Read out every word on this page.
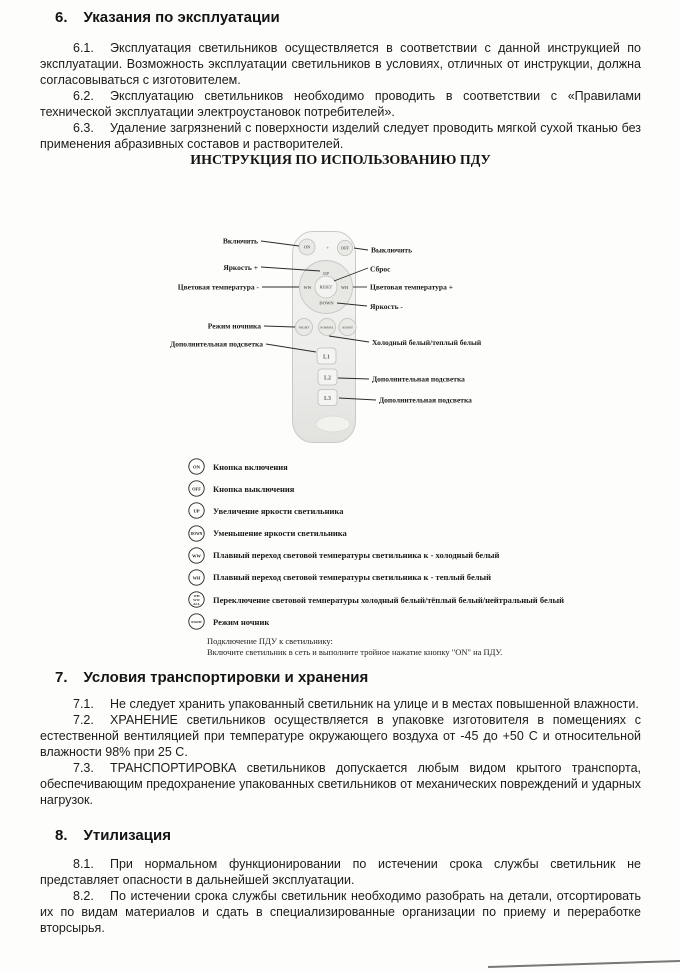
6. Указания по эксплуатации

6.1. Эксплуатация светильников осуществляется в соответствии с данной инструкцией по эксплуатации. Возможность эксплуатации светильников в условиях, отличных от инструкции, должна согласовываться с изготовителем.

6.2. Эксплуатацию светильников необходимо проводить в соответствии с «Правилами технической эксплуатации электроустановок потребителей».

6.3. Удаление загрязнений с поверхности изделий следует проводить мягкой сухой тканью без применения абразивных составов и растворителей.

ИНСТРУКЦИЯ ПО ИСПОЛЬЗОВАНИЮ ПДУ
ON	+	OFF
UP
DOWN
WW	WH
RESET
NIGHT	NORMAL	ASSIST
L1
L2
L3
Включить
Яркость +
Цветовая температура -
Режим ночника
Дополнительная подсветка
Выключить
Сброс
Цветовая температура +
Яркость -
Холодный белый/теплый белый
Дополнительная подсветка
Дополнительная подсветка
ON Кнопка включения
OFF Кнопка выключения
UP Увеличение яркости светильника
DOWN Уменьшение яркости светильника
WW Плавный переход световой температуры светильника к - холодный белый
WH Плавный переход световой температуры светильника к - теплый белый
WH
WW
ALL Переключение световой температуры холодный белый/тёплый белый/нейтральный белый
NIGHT Режим ночник
Подключение ПДУ к светильнику:
Включите светильник в сеть и выполните тройное нажатие кнопку "ON" на ПДУ.
7. Условия транспортировки и хранения

7.1. Не следует хранить упакованный светильник на улице и в местах повышенной влажности.

7.2. ХРАНЕНИЕ светильников осуществляется в упаковке изготовителя в помещениях с естественной вентиляцией при температуре окружающего воздуха от -45 до +50 С и относительной влажности 98% при 25 С.

7.3. ТРАНСПОРТИРОВКА светильников допускается любым видом крытого транспорта, обеспечивающим предохранение упакованных светильников от механических повреждений и ударных нагрузок.

8. Утилизация

8.1. При нормальном функционировании по истечении срока службы светильник не представляет опасности в дальнейшей эксплуатации.

8.2. По истечении срока службы светильник необходимо разобрать на детали, отсортировать их по видам материалов и сдать в специализированные организации по приему и переработке вторсырья.
